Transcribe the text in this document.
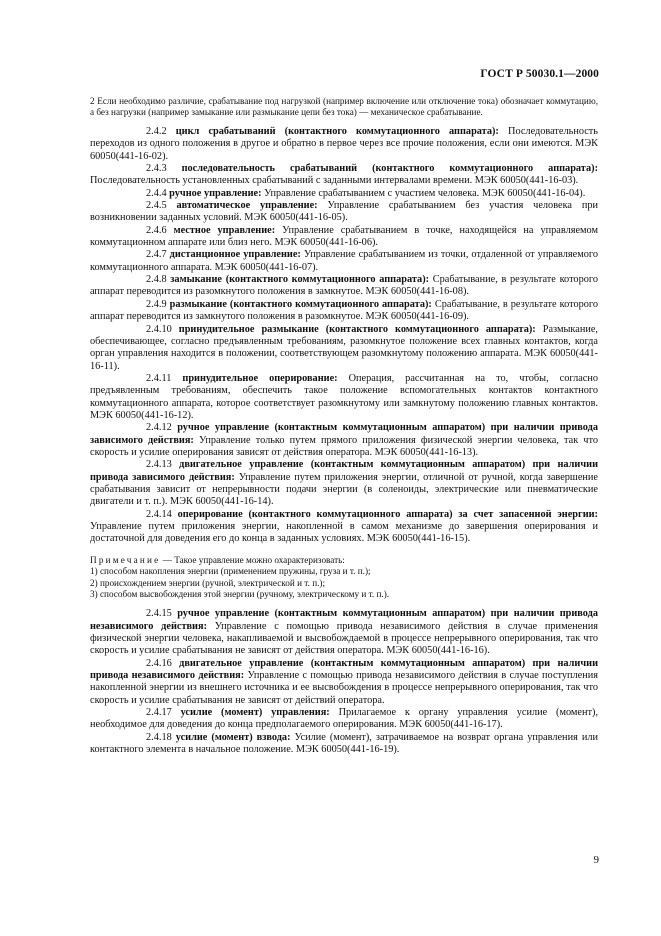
ГОСТ Р 50030.1—2000

2 Если необходимо различие, срабатывание под нагрузкой (например включение или отключение тока) обозначает коммутацию, а без нагрузки (например замыкание или размыкание цепи без тока) — механическое срабатывание.

2.4.2 цикл срабатываний (контактного коммутационного аппарата): Последовательность переходов из одного положения в другое и обратно в первое через все прочие положения, если они имеются. МЭК 60050(441-16-02).

2.4.3 последовательность срабатываний (контактного коммутационного аппарата): Последовательность установленных срабатываний с заданными интервалами времени. МЭК 60050(441-16-03).

2.4.4 ручное управление: Управление срабатыванием с участием человека. МЭК 60050(441-16-04).

2.4.5 автоматическое управление: Управление срабатыванием без участия человека при возникновении заданных условий. МЭК 60050(441-16-05).

2.4.6 местное управление: Управление срабатыванием в точке, находящейся на управляемом коммутационном аппарате или близ него. МЭК 60050(441-16-06).

2.4.7 дистанционное управление: Управление срабатыванием из точки, отдаленной от управляемого коммутационного аппарата. МЭК 60050(441-16-07).

2.4.8 замыкание (контактного коммутационного аппарата): Срабатывание, в результате которого аппарат переводится из разомкнутого положения в замкнутое. МЭК 60050(441-16-08).

2.4.9 размыкание (контактного коммутационного аппарата): Срабатывание, в результате которого аппарат переводится из замкнутого положения в разомкнутое. МЭК 60050(441-16-09).

2.4.10 принудительное размыкание (контактного коммутационного аппарата): Размыкание, обеспечивающее, согласно предъявленным требованиям, разомкнутое положение всех главных контактов, когда орган управления находится в положении, соответствующем разомкнутому положению аппарата. МЭК 60050(441-16-11).

2.4.11 принудительное оперирование: Операция, рассчитанная на то, чтобы, согласно предъявленным требованиям, обеспечить такое положение вспомогательных контактов контактного коммутационного аппарата, которое соответствует разомкнутому или замкнутому положению главных контактов. МЭК 60050(441-16-12).

2.4.12 ручное управление (контактным коммутационным аппаратом) при наличии привода зависимого действия: Управление только путем прямого приложения физической энергии человека, так что скорость и усилие оперирования зависят от действия оператора. МЭК 60050(441-16-13).

2.4.13 двигательное управление (контактным коммутационным аппаратом) при наличии привода зависимого действия: Управление путем приложения энергии, отличной от ручной, когда завершение срабатывания зависит от непрерывности подачи энергии (в соленоиды, электрические или пневматические двигатели и т. п.). МЭК 60050(441-16-14).

2.4.14 оперирование (контактного коммутационного аппарата) за счет запасенной энергии: Управление путем приложения энергии, накопленной в самом механизме до завершения оперирования и достаточной для доведения его до конца в заданных условиях. МЭК 60050(441-16-15).

Примечание — Такое управление можно охарактеризовать:

1) способом накопления энергии (применением пружины, груза и т. п.);

2) происхождением энергии (ручной, электрической и т. п.);

3) способом высвобождения этой энергии (ручному, электрическому и т. п.).

2.4.15 ручное управление (контактным коммутационным аппаратом) при наличии привода независимого действия: Управление с помощью привода независимого действия в случае применения физической энергии человека, накапливаемой и высвобождаемой в процессе непрерывного оперирования, так что скорость и усилие срабатывания не зависят от действия оператора. МЭК 60050(441-16-16).

2.4.16 двигательное управление (контактным коммутационным аппаратом) при наличии привода независимого действия: Управление с помощью привода независимого действия в случае поступления накопленной энергии из внешнего источника и ее высвобождения в процессе непрерывного оперирования, так что скорость и усилие срабатывания не зависят от действий оператора.

2.4.17 усилие (момент) управления: Прилагаемое к органу управления усилие (момент), необходимое для доведения до конца предполагаемого оперирования. МЭК 60050(441-16-17).

2.4.18 усилие (момент) взвода: Усилие (момент), затрачиваемое на возврат органа управления или контактного элемента в начальное положение. МЭК 60050(441-16-19).

9
